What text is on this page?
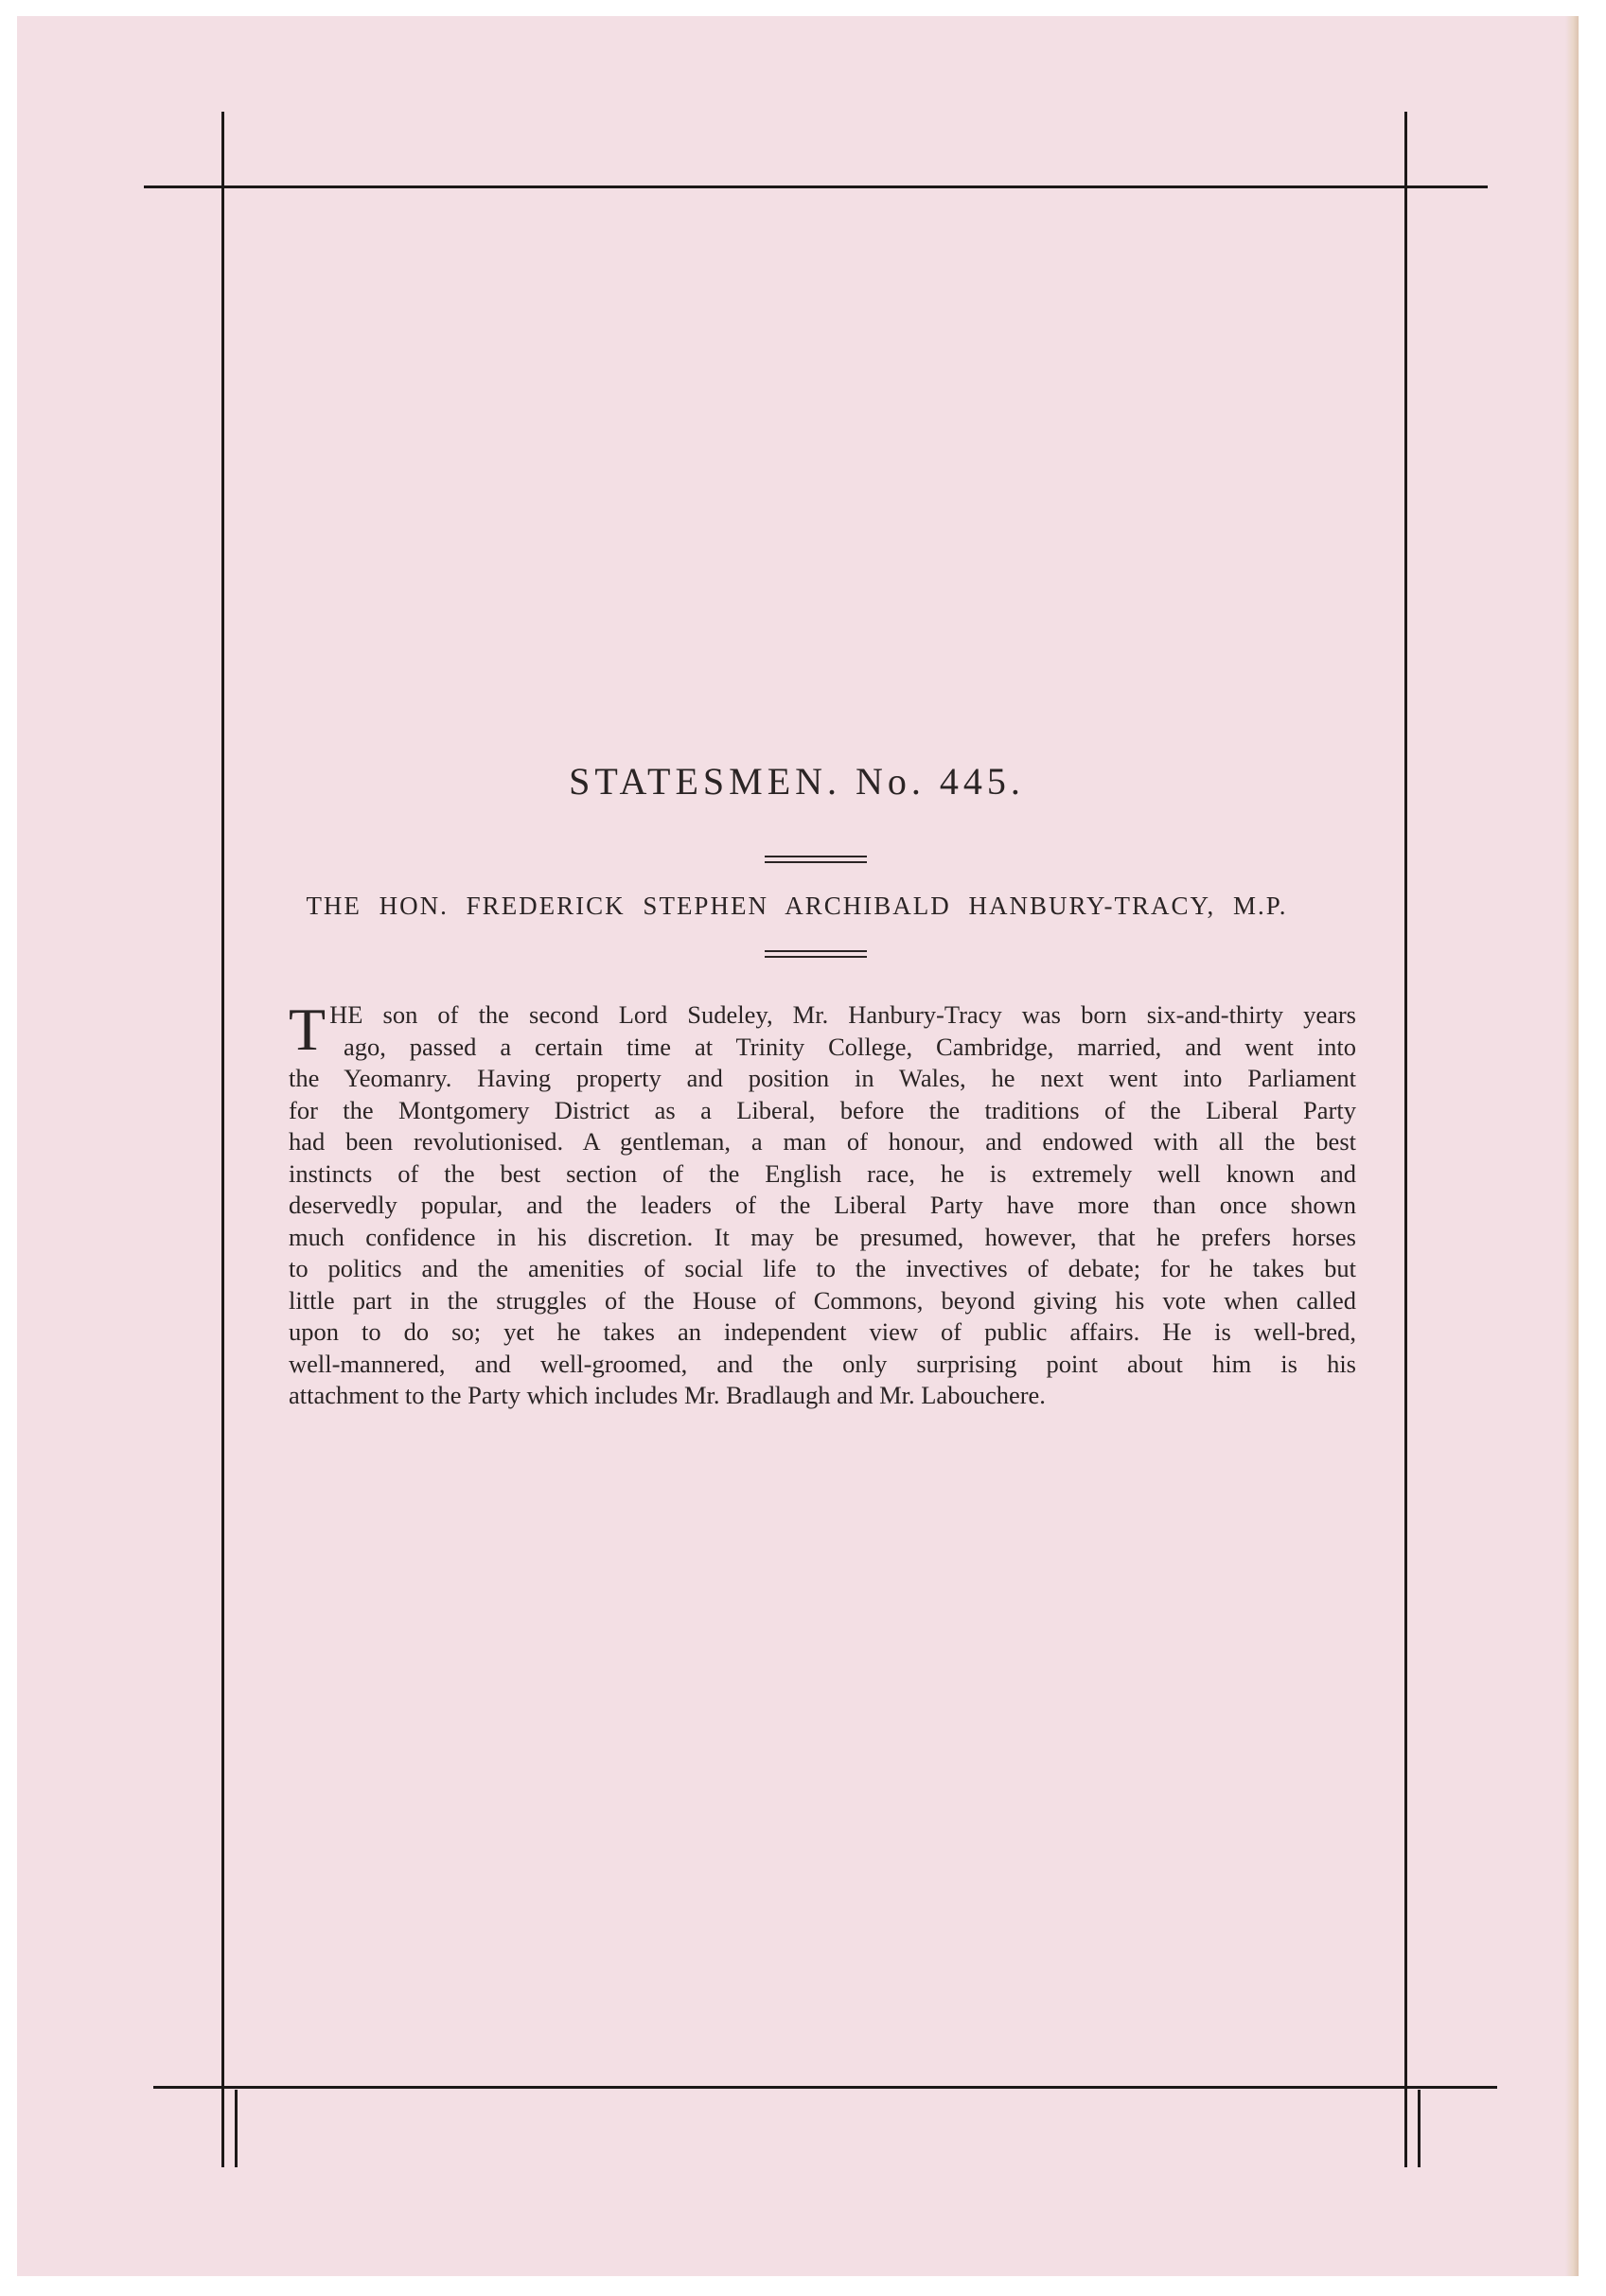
STATESMEN. No. 445.
THE HON. FREDERICK STEPHEN ARCHIBALD HANBURY-TRACY, M.P.
T HE son of the second Lord Sudeley, Mr. Hanbury-Tracy was born six-and-thirty years
ago, passed a certain time at Trinity College, Cambridge, married, and went into
the Yeomanry. Having property and position in Wales, he next went into Parliament
for the Montgomery District as a Liberal, before the traditions of the Liberal Party
had been revolutionised. A gentleman, a man of honour, and endowed with all the best
instincts of the best section of the English race, he is extremely well known and
deservedly popular, and the leaders of the Liberal Party have more than once shown
much confidence in his discretion. It may be presumed, however, that he prefers horses
to politics and the amenities of social life to the invectives of debate; for he takes but
little part in the struggles of the House of Commons, beyond giving his vote when called
upon to do so; yet he takes an independent view of public affairs. He is well-bred,
well-mannered, and well-groomed, and the only surprising point about him is his
attachment to the Party which includes Mr. Bradlaugh and Mr. Labouchere.
